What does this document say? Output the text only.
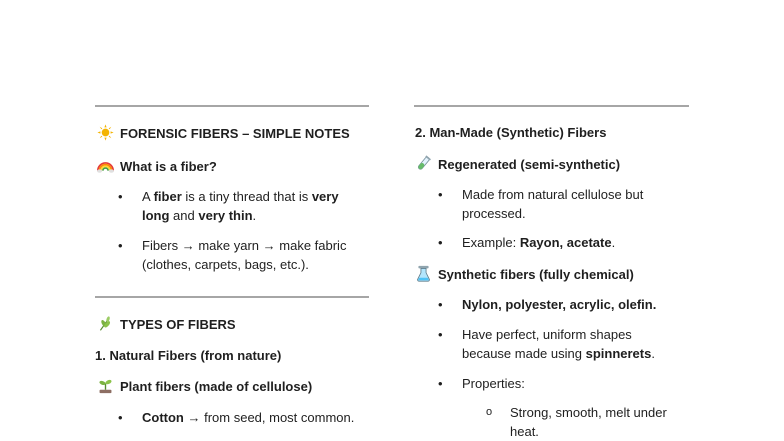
FORENSIC FIBERS – SIMPLE NOTES
What is a fiber?
• A fiber is a tiny thread that is very
long and very thin.
• Fibers → make yarn → make fabric
(clothes, carpets, bags, etc.).
TYPES OF FIBERS
1. Natural Fibers (from nature)
Plant fibers (made of cellulose)
• Cotton → from seed, most common.
2. Man-Made (Synthetic) Fibers
Regenerated (semi-synthetic)
• Made from natural cellulose but
processed.
• Example: Rayon, acetate.
Synthetic fibers (fully chemical)
• Nylon, polyester, acrylic, olefin.
• Have perfect, uniform shapes
because made using spinnerets.
• Properties:
o Strong, smooth, melt under
heat.
